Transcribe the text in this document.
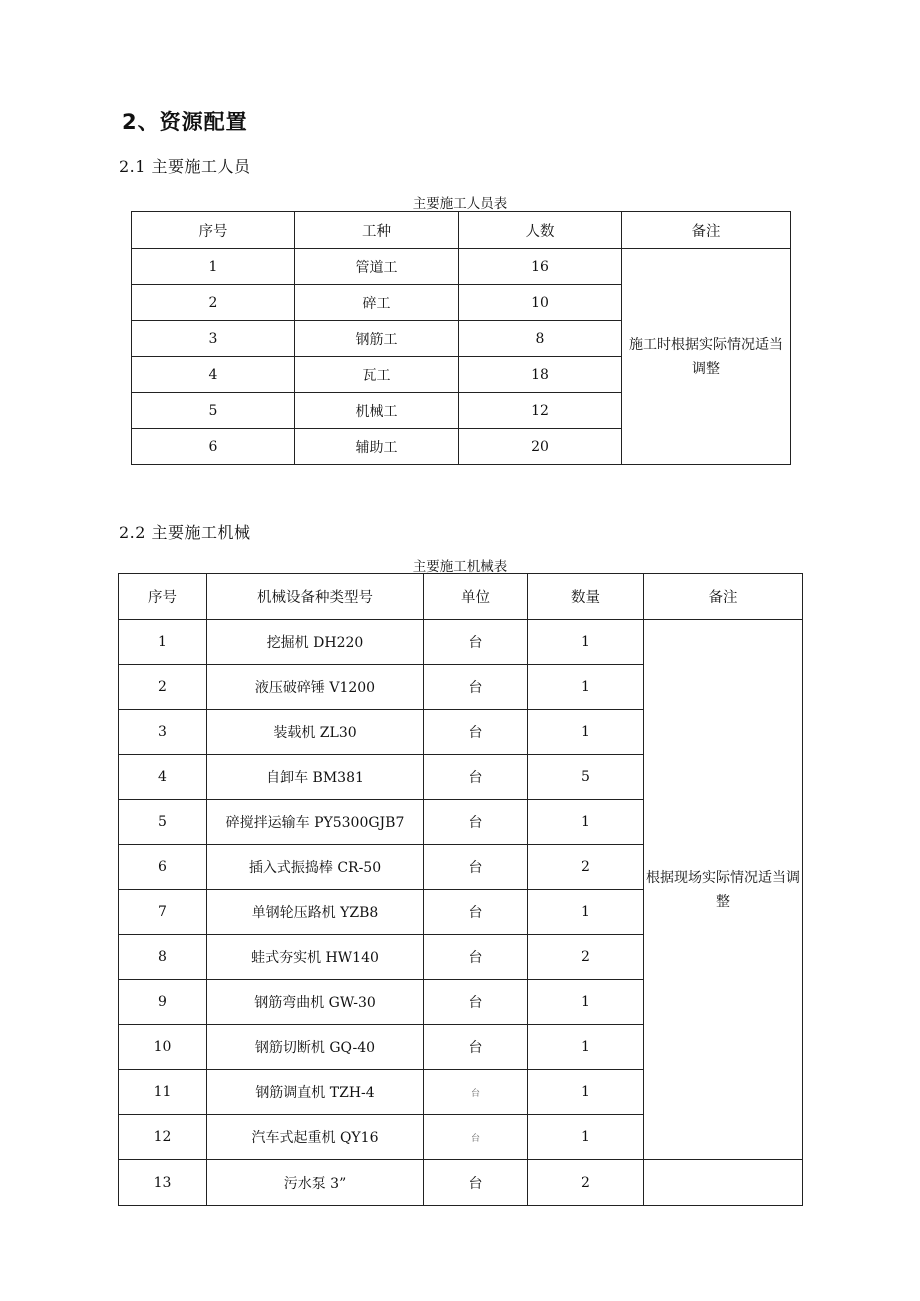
2、资源配置
2.1 主要施工人员
主要施工人员表
序号	工种	人数	备注
1	管道工	16	施工时根据实际情况适当调整
2	碎工	10	
3	钢筋工	8	
4	瓦工	18	
5	机械工	12	
6	辅助工	20	
2.2 主要施工机械
主要施工机械表
序号	机械设备种类型号	单位	数量	备注
1	挖掘机 DH220	台	1	根据现场实际情况适当调整
2	液压破碎锤 V1200	台	1	
3	装载机 ZL30	台	1	
4	自卸车 BM381	台	5	
5	碎搅拌运输车 PY5300GJB7	台	1	
6	插入式振捣棒 CR-50	台	2	
7	单钢轮压路机 YZB8	台	1	
8	蛙式夯实机 HW140	台	2	
9	钢筋弯曲机 GW-30	台	1	
10	钢筋切断机 GQ-40	台	1	
11	钢筋调直机 TZH-4	台	1	
12	汽车式起重机 QY16	台	1	
13	污水泵 3”	台	2	
